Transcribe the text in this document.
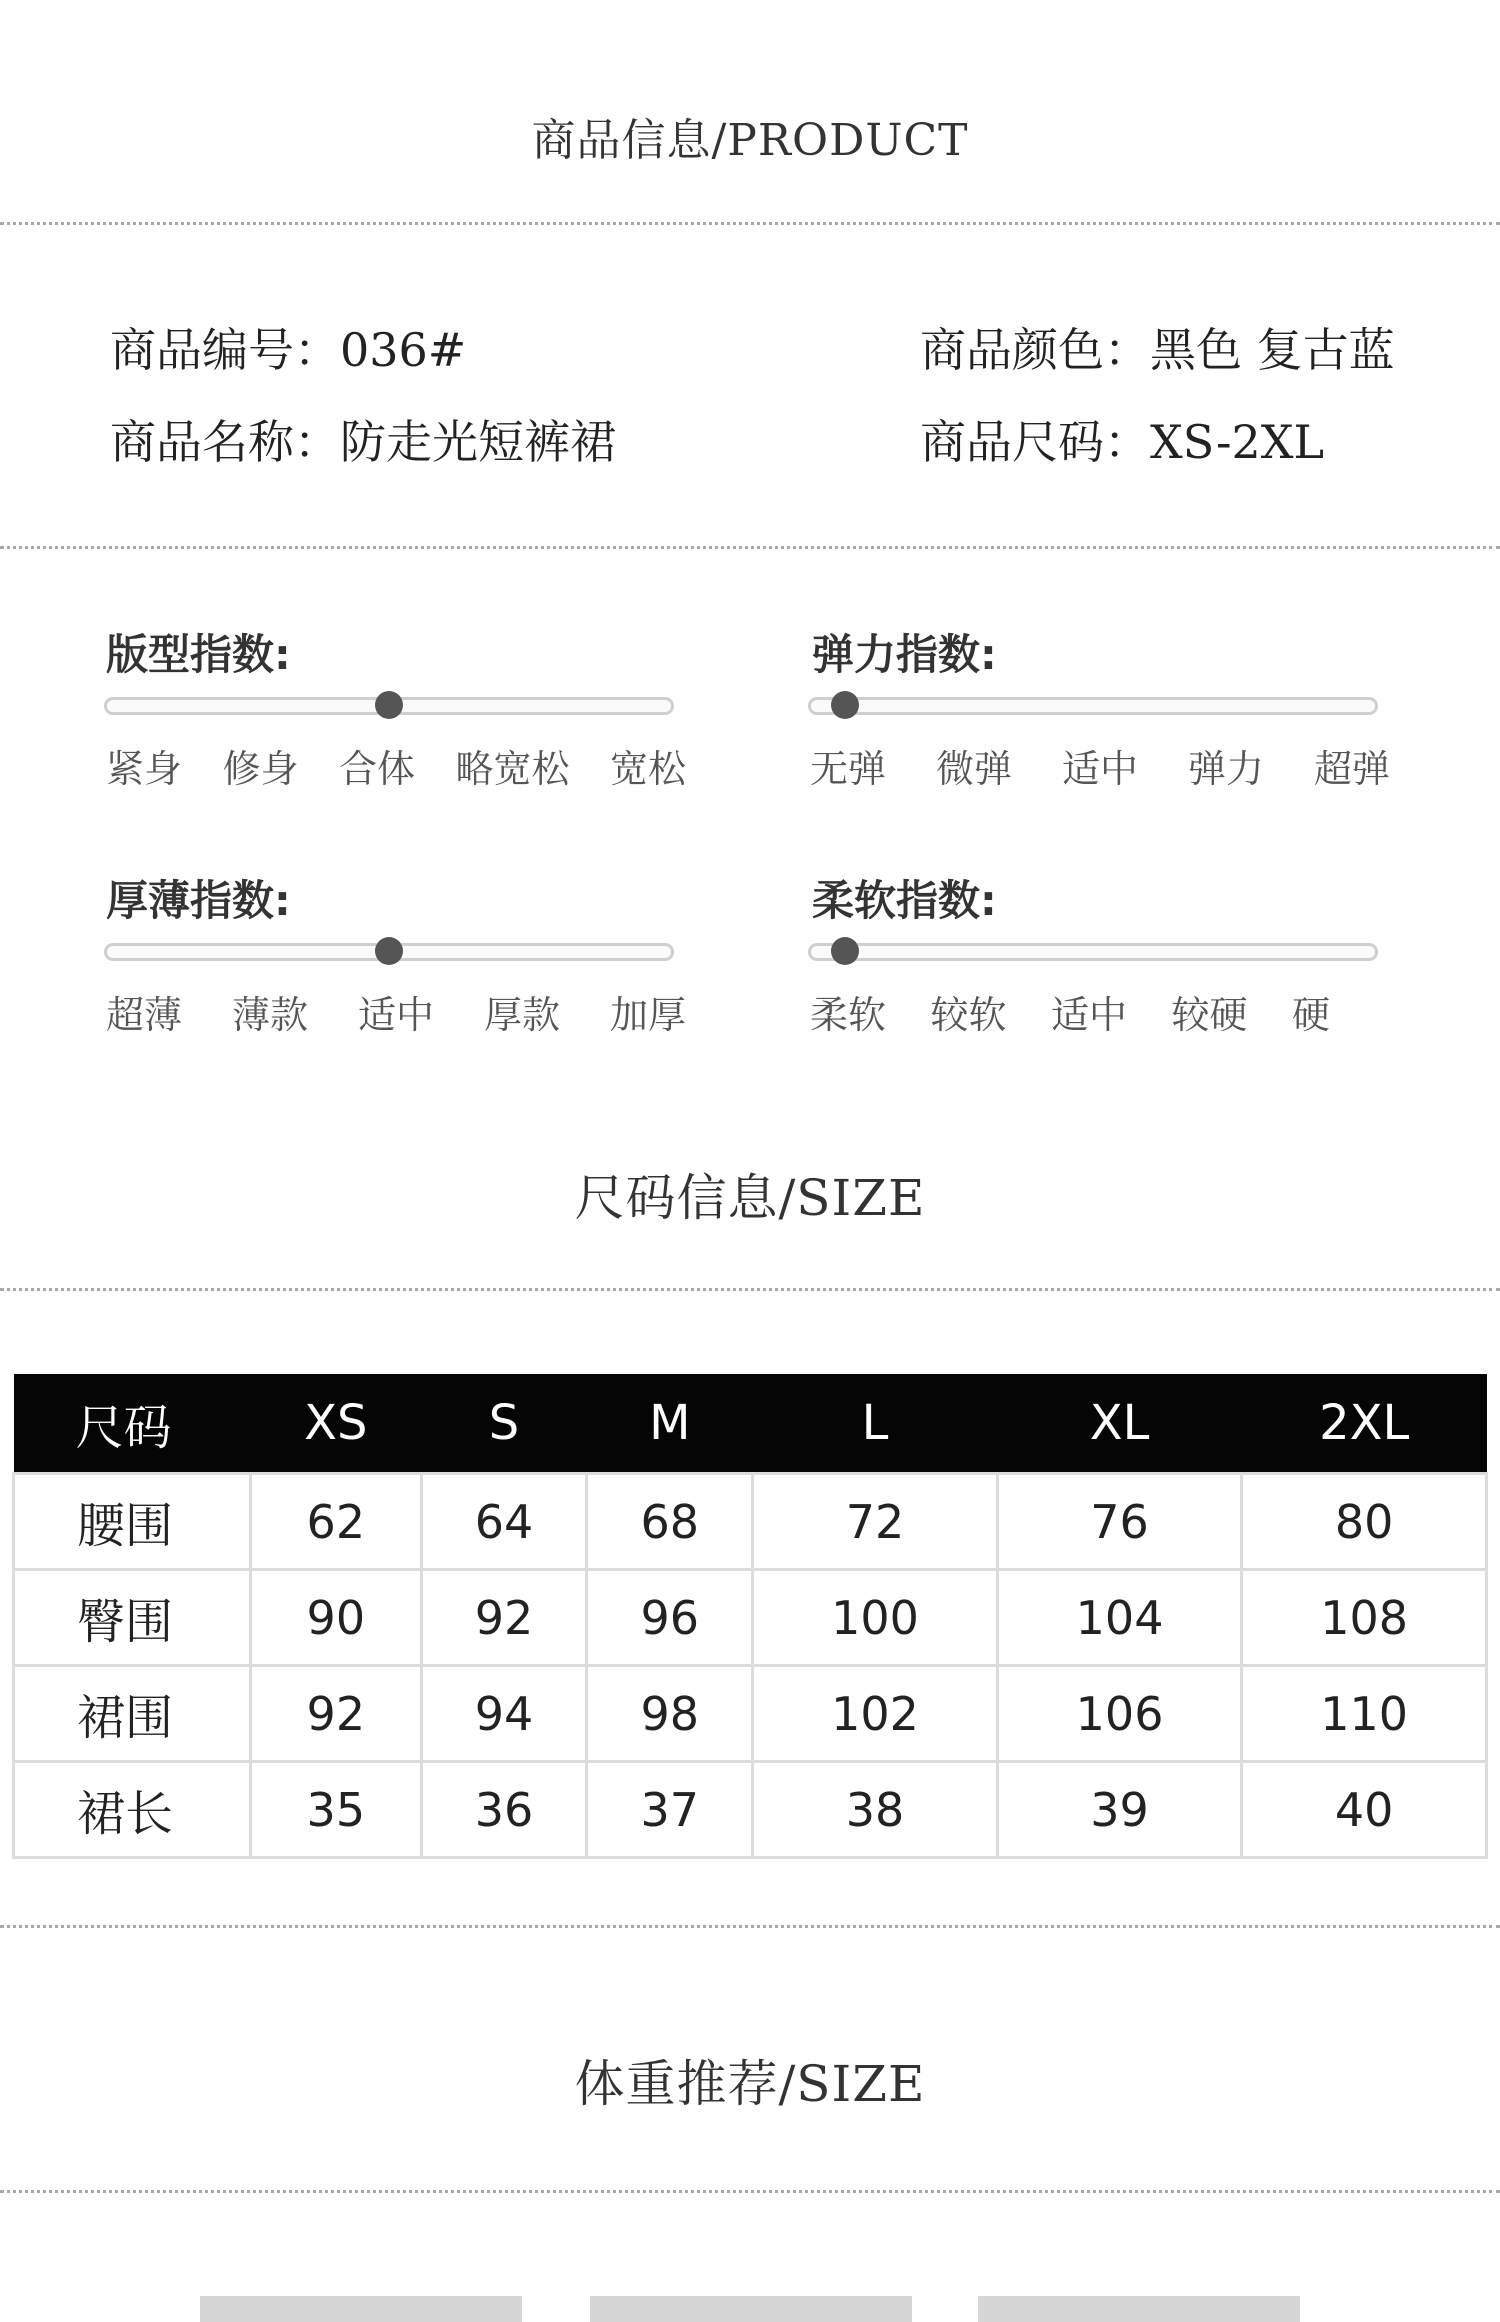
商品信息/PRODUCT
商品编号：036#	商品颜色：黑色 复古蓝
商品名称：防走光短裤裙	商品尺码：XS-2XL
版型指数:
紧身 修身 合体 略宽松 宽松
弹力指数:
无弹 微弹 适中 弹力 超弹
厚薄指数:
超薄 薄款 适中 厚款 加厚
柔软指数:
柔软 较软 适中 较硬 硬
尺码信息/SIZE
尺码	XS	S	M	L	XL	2XL
腰围	62	64	68	72	76	80
臀围	90	92	96	100	104	108
裙围	92	94	98	102	106	110
裙长	35	36	37	38	39	40
体重推荐/SIZE
